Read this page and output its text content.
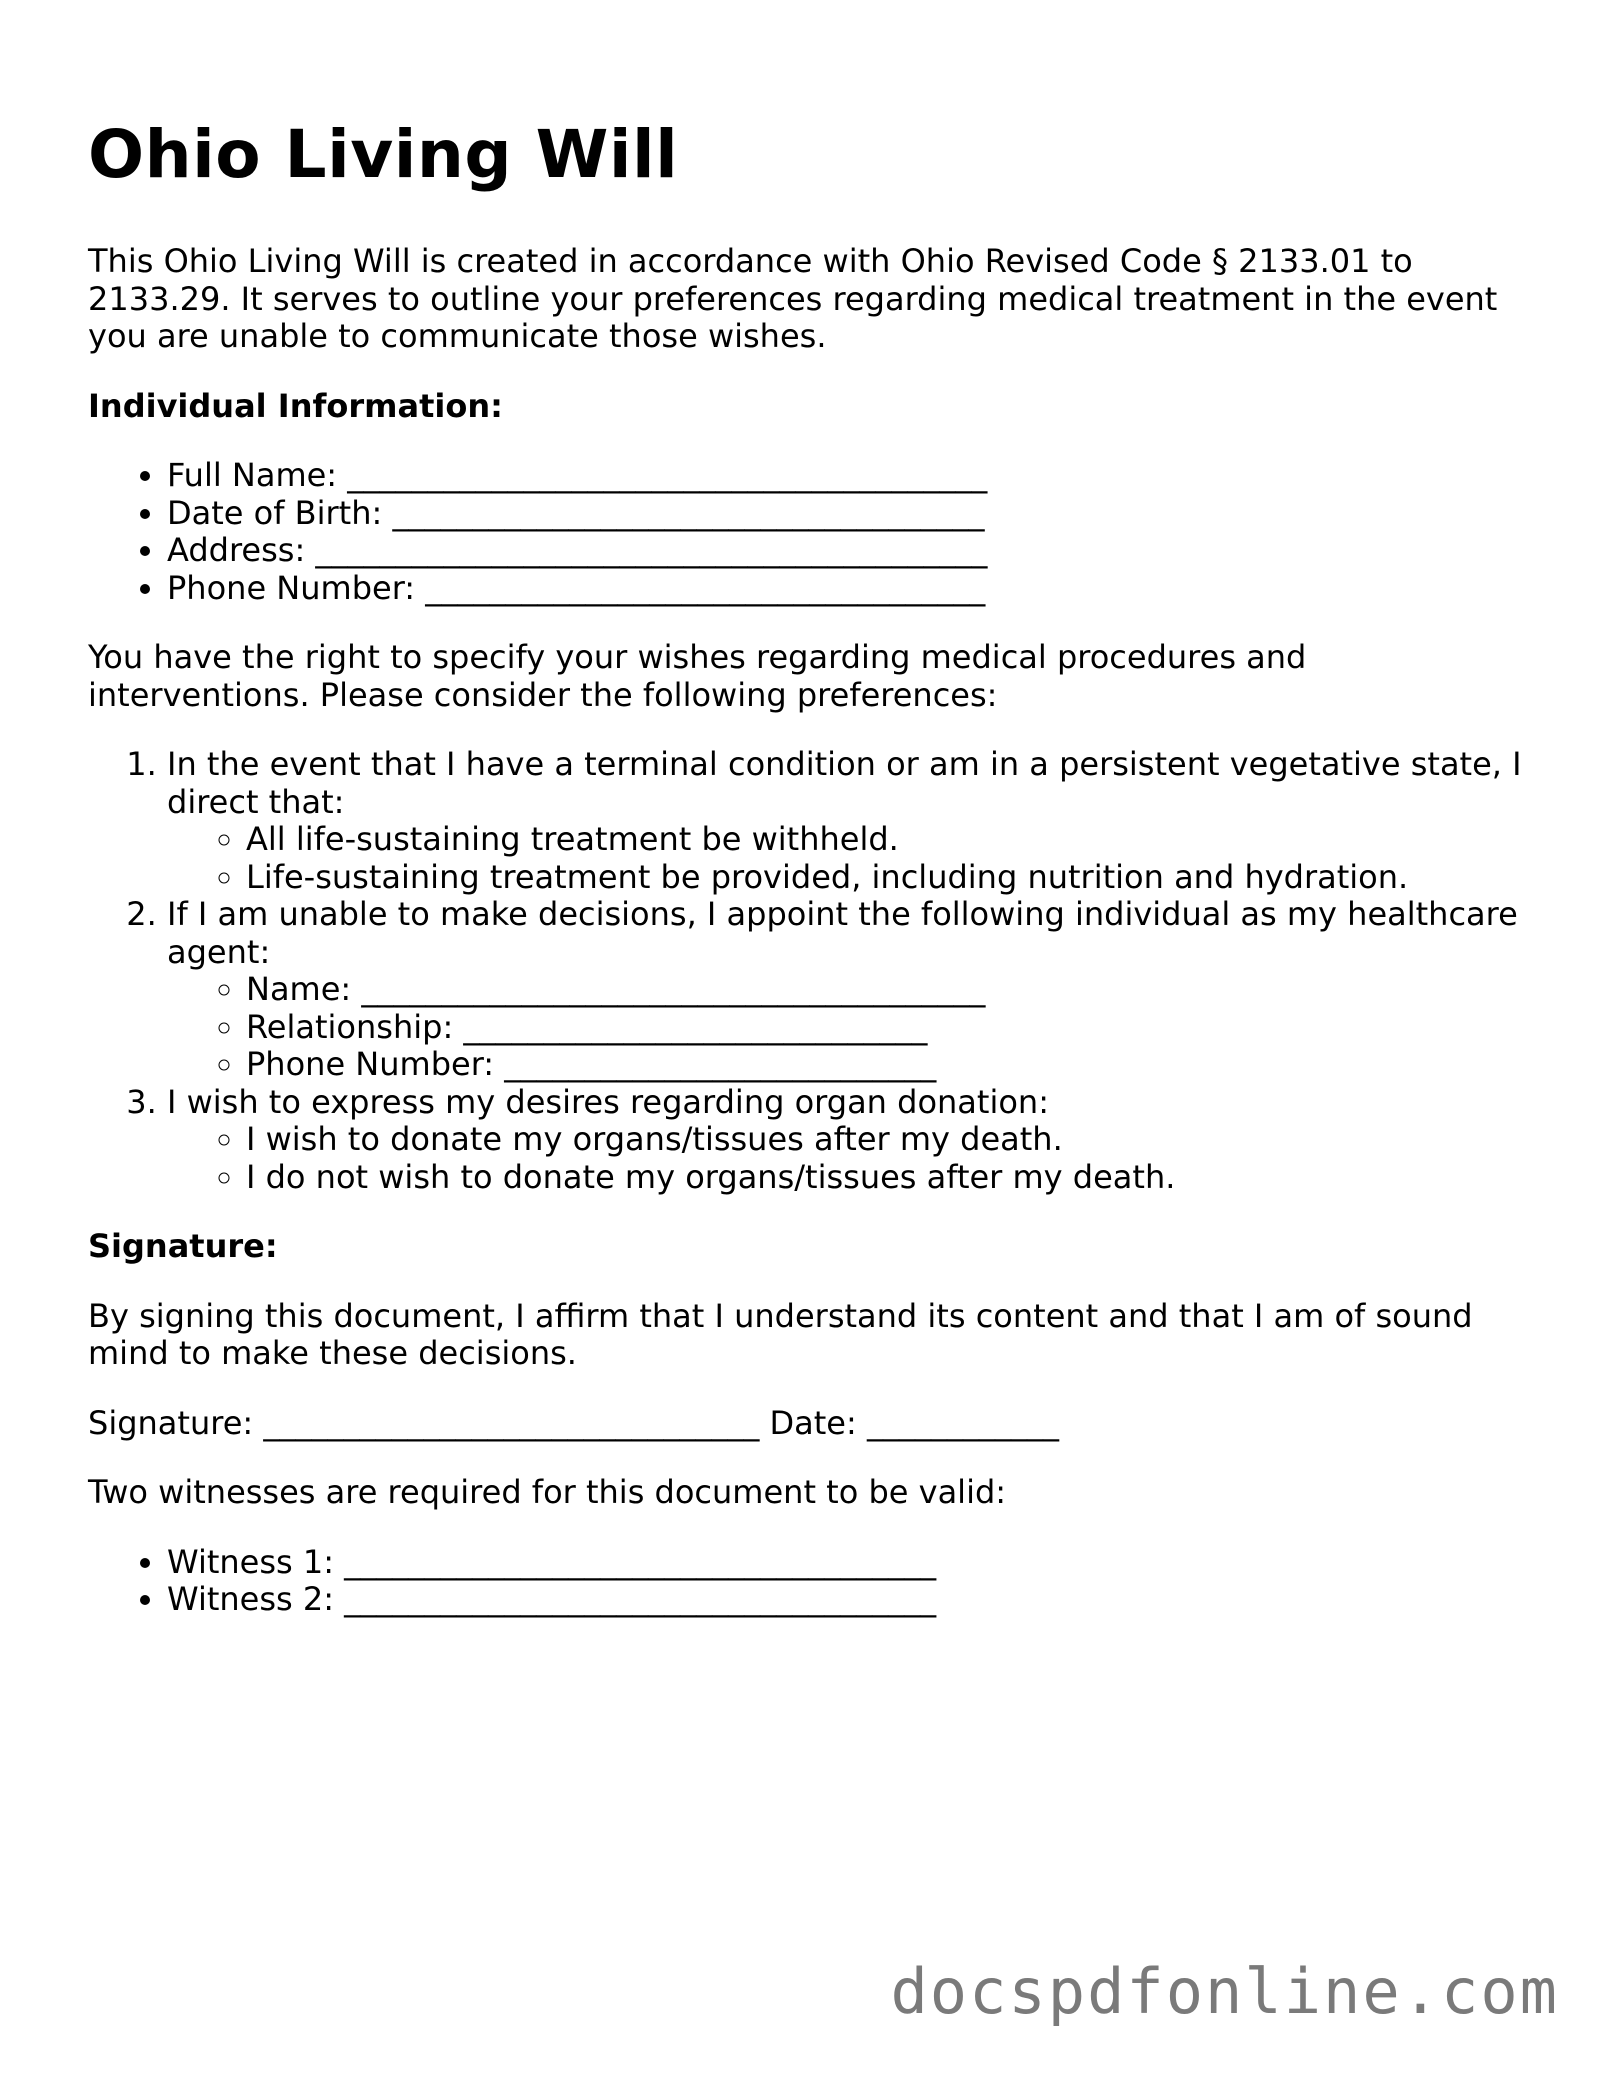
Ohio Living Will

This Ohio Living Will is created in accordance with Ohio Revised Code § 2133.01 to 2133.29. It serves to outline your preferences regarding medical treatment in the event you are unable to communicate those wishes.

Individual Information:
• Full Name: ________________________________________
• Date of Birth: _____________________________________
• Address: __________________________________________
• Phone Number: ___________________________________

You have the right to specify your wishes regarding medical procedures and interventions. Please consider the following preferences:

1. In the event that I have a terminal condition or am in a persistent vegetative state, I direct that:
◦ All life-sustaining treatment be withheld.
◦ Life-sustaining treatment be provided, including nutrition and hydration.
2. If I am unable to make decisions, I appoint the following individual as my healthcare agent:
◦ Name: _______________________________________
◦ Relationship: _____________________________
◦ Phone Number: ___________________________
3. I wish to express my desires regarding organ donation:
◦ I wish to donate my organs/tissues after my death.
◦ I do not wish to donate my organs/tissues after my death.
Signature:

By signing this document, I affirm that I understand its content and that I am of sound mind to make these decisions.

Signature: _______________________________ Date: ____________

Two witnesses are required for this document to be valid:

• Witness 1: _____________________________________
• Witness 2: _____________________________________
docspdfonline.com
